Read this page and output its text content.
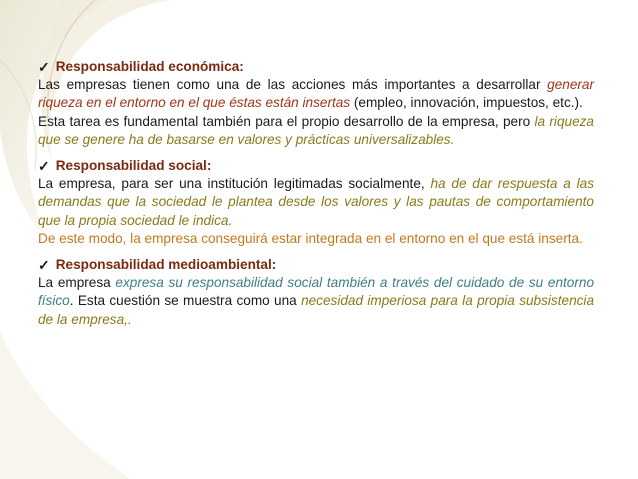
✓ Responsabilidad económica:
Las empresas tienen como una de las acciones más importantes a desarrollar generar riqueza en el entorno en el que éstas están insertas (empleo, innovación, impuestos, etc.).
Esta tarea es fundamental también para el propio desarrollo de la empresa, pero la riqueza que se genere ha de basarse en valores y prácticas universalizables.
✓ Responsabilidad social:
La empresa, para ser una institución legitimadas socialmente, ha de dar respuesta a las demandas que la sociedad le plantea desde los valores y las pautas de comportamiento que la propia sociedad le indica.
De este modo, la empresa conseguirá estar integrada en el entorno en el que está inserta.
✓ Responsabilidad medioambiental:
La empresa expresa su responsabilidad social también a través del cuidado de su entorno físico. Esta cuestión se muestra como una necesidad imperiosa para la propia subsistencia de la empresa,.
